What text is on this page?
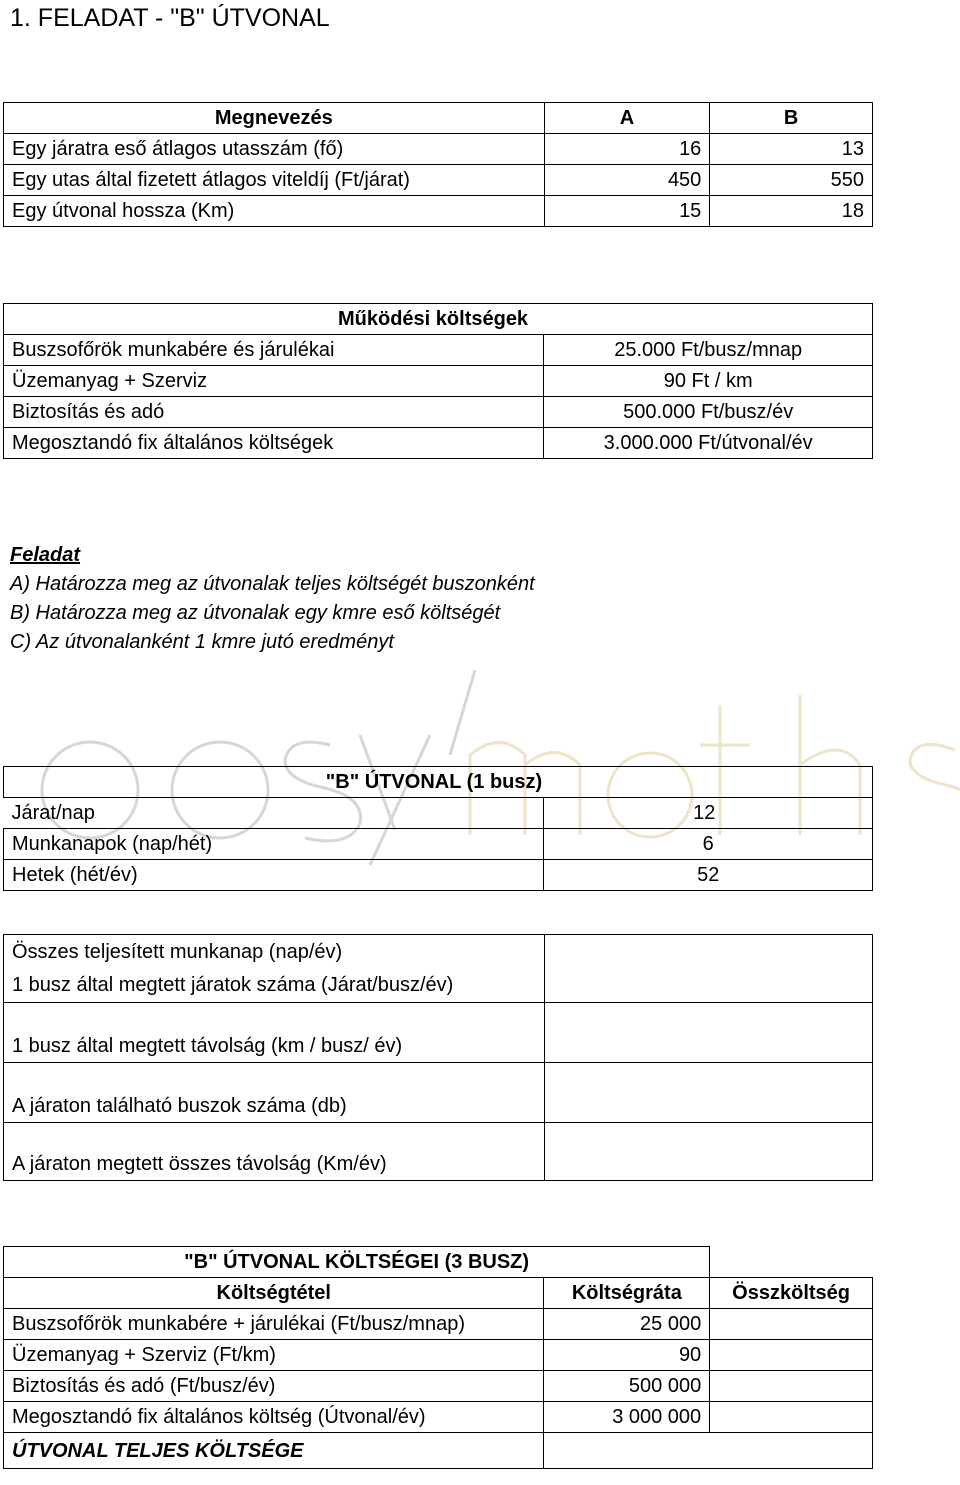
1. FELADAT - "B" ÚTVONAL
Megnevezés	A	B
Egy járatra eső átlagos utasszám (fő)	16	13
Egy utas által fizetett átlagos viteldíj (Ft/járat)	450	550
Egy útvonal hossza (Km)	15	18
Működési költségek	
Buszsofőrök munkabére és járulékai	25.000 Ft/busz/mnap
Üzemanyag + Szerviz	90 Ft / km
Biztosítás és adó	500.000 Ft/busz/év
Megosztandó fix általános költségek	3.000.000 Ft/útvonal/év
Feladat
A) Határozza meg az útvonalak teljes költségét buszonként
B) Határozza meg az útvonalak egy kmre eső költségét
C) Az útvonalanként 1 kmre jutó eredményt
"B" ÚTVONAL (1 busz)	
Járat/nap	12
Munkanapok (nap/hét)	6
Hetek (hét/év)	52
Összes teljesített munkanap (nap/év)	
1 busz által megtett járatok száma (Járat/busz/év)	
1 busz által megtett távolság (km / busz/ év)	
A járaton található buszok száma (db)	
A járaton megtett összes távolság (Km/év)	
"B" ÚTVONAL KÖLTSÉGEI (3 BUSZ)		
Költségtétel	Költségráta	Összköltség
Buszsofőrök munkabére + járulékai (Ft/busz/mnap)	25 000	
Üzemanyag + Szerviz (Ft/km)	90	
Biztosítás és adó (Ft/busz/év)	500 000	
Megosztandó fix általános költség (Útvonal/év)	3 000 000	
ÚTVONAL TELJES KÖLTSÉGE		
